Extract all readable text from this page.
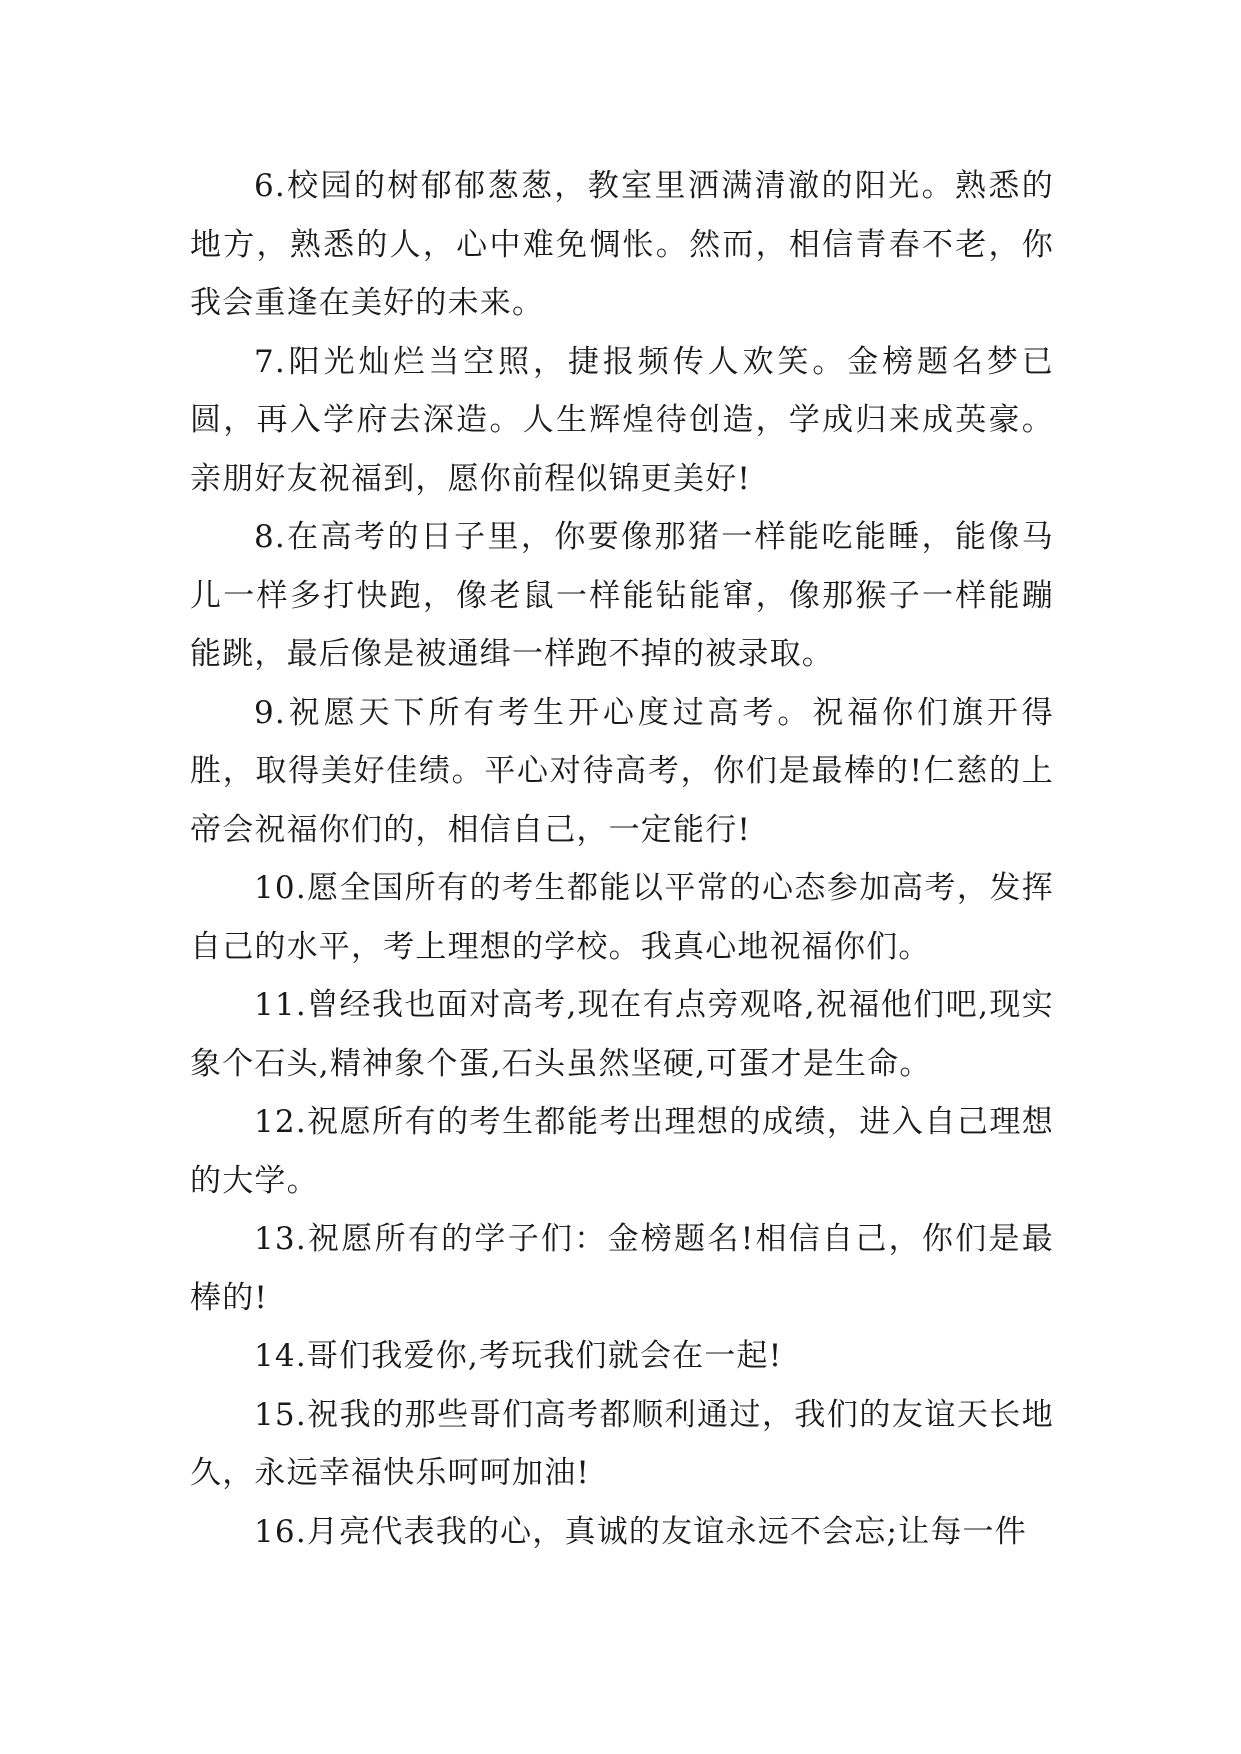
6.校园的树郁郁葱葱，教室里洒满清澈的阳光。熟悉的地方，熟悉的人，心中难免惆怅。然而，相信青春不老，你我会重逢在美好的未来。

7.阳光灿烂当空照，捷报频传人欢笑。金榜题名梦已圆，再入学府去深造。人生辉煌待创造，学成归来成英豪。亲朋好友祝福到，愿你前程似锦更美好!

8.在高考的日子里，你要像那猪一样能吃能睡，能像马儿一样多打快跑，像老鼠一样能钻能窜，像那猴子一样能蹦能跳，最后像是被通缉一样跑不掉的被录取。

9.祝愿天下所有考生开心度过高考。祝福你们旗开得胜，取得美好佳绩。平心对待高考，你们是最棒的!仁慈的上帝会祝福你们的，相信自己，一定能行!

10.愿全国所有的考生都能以平常的心态参加高考，发挥自己的水平，考上理想的学校。我真心地祝福你们。

11.曾经我也面对高考,现在有点旁观咯,祝福他们吧,现实象个石头,精神象个蛋,石头虽然坚硬,可蛋才是生命。

12.祝愿所有的考生都能考出理想的成绩，进入自己理想的大学。

13.祝愿所有的学子们：金榜题名!相信自己，你们是最棒的!

14.哥们我爱你,考玩我们就会在一起!

15.祝我的那些哥们高考都顺利通过，我们的友谊天长地久，永远幸福快乐呵呵加油!

16.月亮代表我的心，真诚的友谊永远不会忘;让每一件
